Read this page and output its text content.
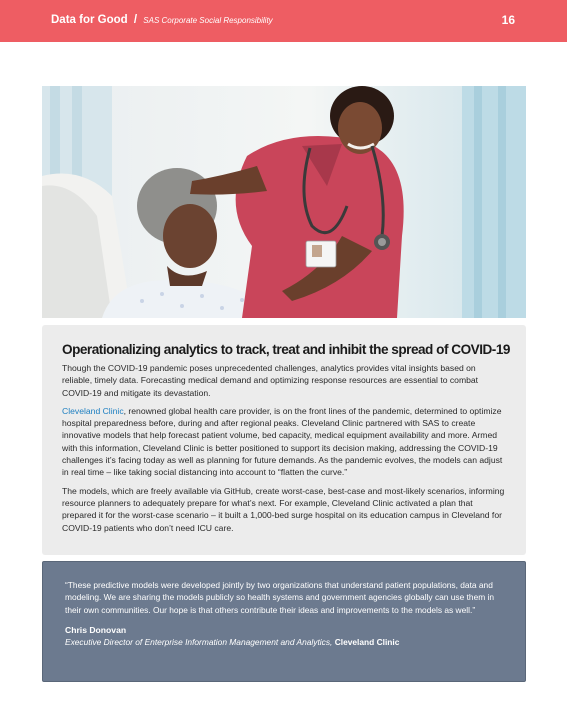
Data for Good / SAS Corporate Social Responsibility	16
Operationalizing analytics to track, treat and inhibit the spread of COVID-19

Though the COVID-19 pandemic poses unprecedented challenges, analytics provides vital insights based on reliable, timely data. Forecasting medical demand and optimizing response resources are essential to combat COVID-19 and mitigate its devastation.

Cleveland Clinic, renowned global health care provider, is on the front lines of the pandemic, determined to optimize hospital preparedness before, during and after regional peaks. Cleveland Clinic partnered with SAS to create innovative models that help forecast patient volume, bed capacity, medical equipment availability and more. Armed with this information, Cleveland Clinic is better positioned to support its decision making, addressing the COVID-19 challenges it’s facing today as well as planning for future demands. As the pandemic evolves, the models can adjust in real time – like taking social distancing into account to “flatten the curve.”

The models, which are freely available via GitHub, create worst-case, best-case and most-likely scenarios, informing resource planners to adequately prepare for what’s next. For example, Cleveland Clinic activated a plan that prepared it for the worst-case scenario – it built a 1,000-bed surge hospital on its education campus in Cleveland for COVID-19 patients who don’t need ICU care.

“These predictive models were developed jointly by two organizations that understand patient populations, data and modeling. We are sharing the models publicly so health systems and government agencies globally can use them in their own communities. Our hope is that others contribute their ideas and improvements to the models as well.”

Chris Donovan
Executive Director of Enterprise Information Management and Analytics, Cleveland Clinic
